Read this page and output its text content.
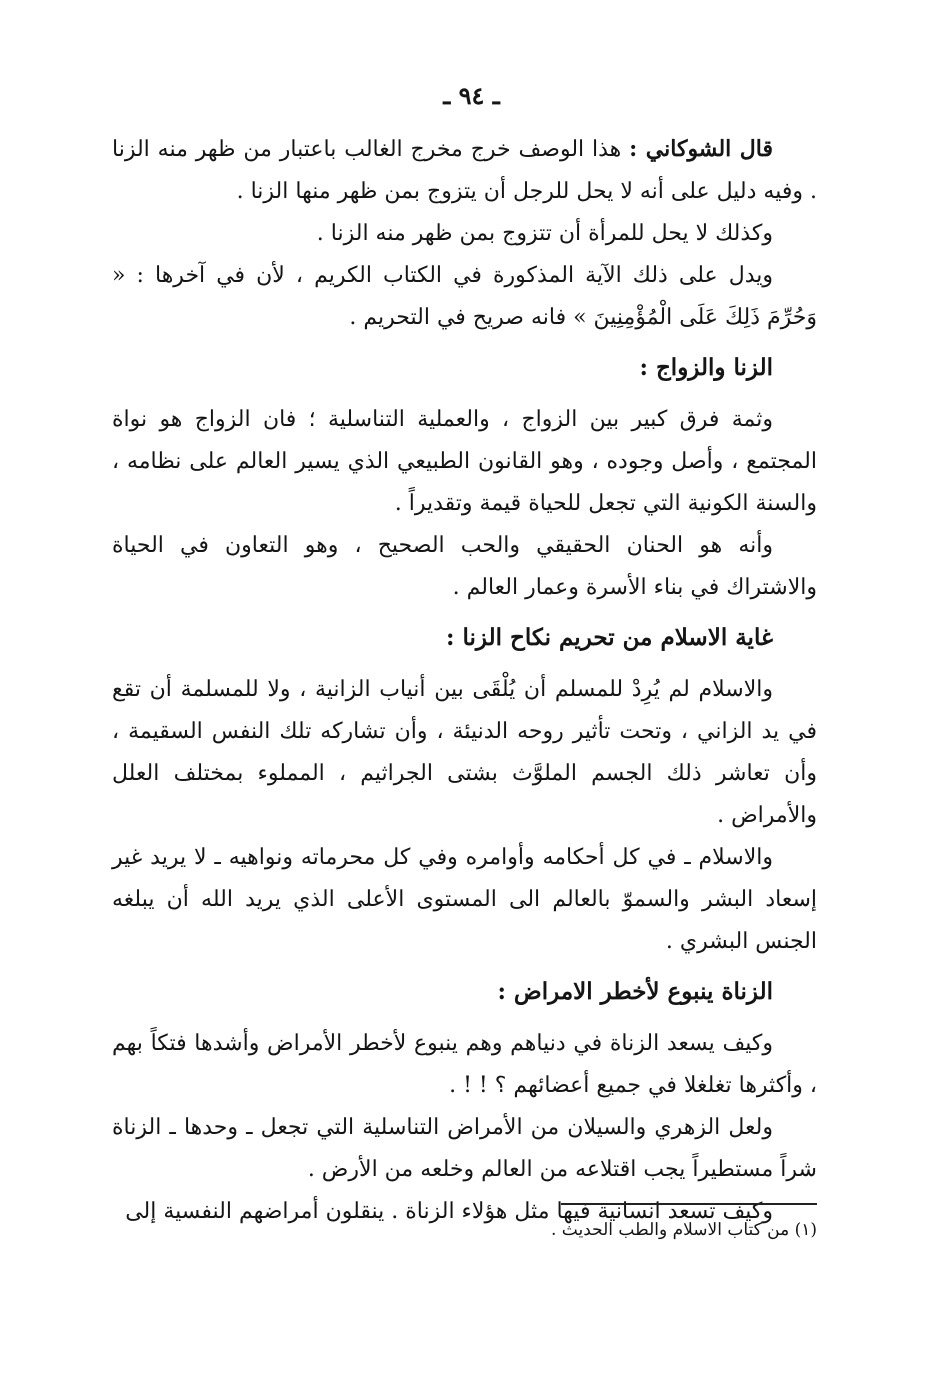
ـ ٩٤ ـ

قال الشوكاني : هذا الوصف خرج مخرج الغالب باعتبار من ظهر منه الزنا . وفيه دليل على أنه لا يحل للرجل أن يتزوج بمن ظهر منها الزنا .

وكذلك لا يحل للمرأة أن تتزوج بمن ظهر منه الزنا .

ويدل على ذلك الآية المذكورة في الكتاب الكريم ، لأن في آخرها : « وَحُرِّمَ ذَلِكَ عَلَى الْمُؤْمِنِينَ » فانه صريح في التحريم .

الزنا والزواج :

وثمة فرق كبير بين الزواج ، والعملية التناسلية ؛ فان الزواج هو نواة المجتمع ، وأصل وجوده ، وهو القانون الطبيعي الذي يسير العالم على نظامه ، والسنة الكونية التي تجعل للحياة قيمة وتقديراً .

وأنه هو الحنان الحقيقي والحب الصحيح ، وهو التعاون في الحياة والاشتراك في بناء الأسرة وعمار العالم .

غاية الاسلام من تحريم نكاح الزنا :

والاسلام لم يُرِدْ للمسلم أن يُلْقَى بين أنياب الزانية ، ولا للمسلمة أن تقع في يد الزاني ، وتحت تأثير روحه الدنيئة ، وأن تشاركه تلك النفس السقيمة ، وأن تعاشر ذلك الجسم الملوَّث بشتى الجراثيم ، المملوء بمختلف العلل والأمراض .

والاسلام ـ في كل أحكامه وأوامره وفي كل محرماته ونواهيه ـ لا يريد غير إسعاد البشر والسموّ بالعالم الى المستوى الأعلى الذي يريد الله أن يبلغه الجنس البشري .

الزناة ينبوع لأخطر الامراض :

وكيف يسعد الزناة في دنياهم وهم ينبوع لأخطر الأمراض وأشدها فتكاً بهم ، وأكثرها تغلغلا في جميع أعضائهم ؟ ! ! .

ولعل الزهري والسيلان من الأمراض التناسلية التي تجعل ـ وحدها ـ الزناة شراً مستطيراً يجب اقتلاعه من العالم وخلعه من الأرض .

وكيف تسعد انسانية فيها مثل هؤلاء الزناة . ينقلون أمراضهم النفسية إلى

(١) من كتاب الاسلام والطب الحديث .
